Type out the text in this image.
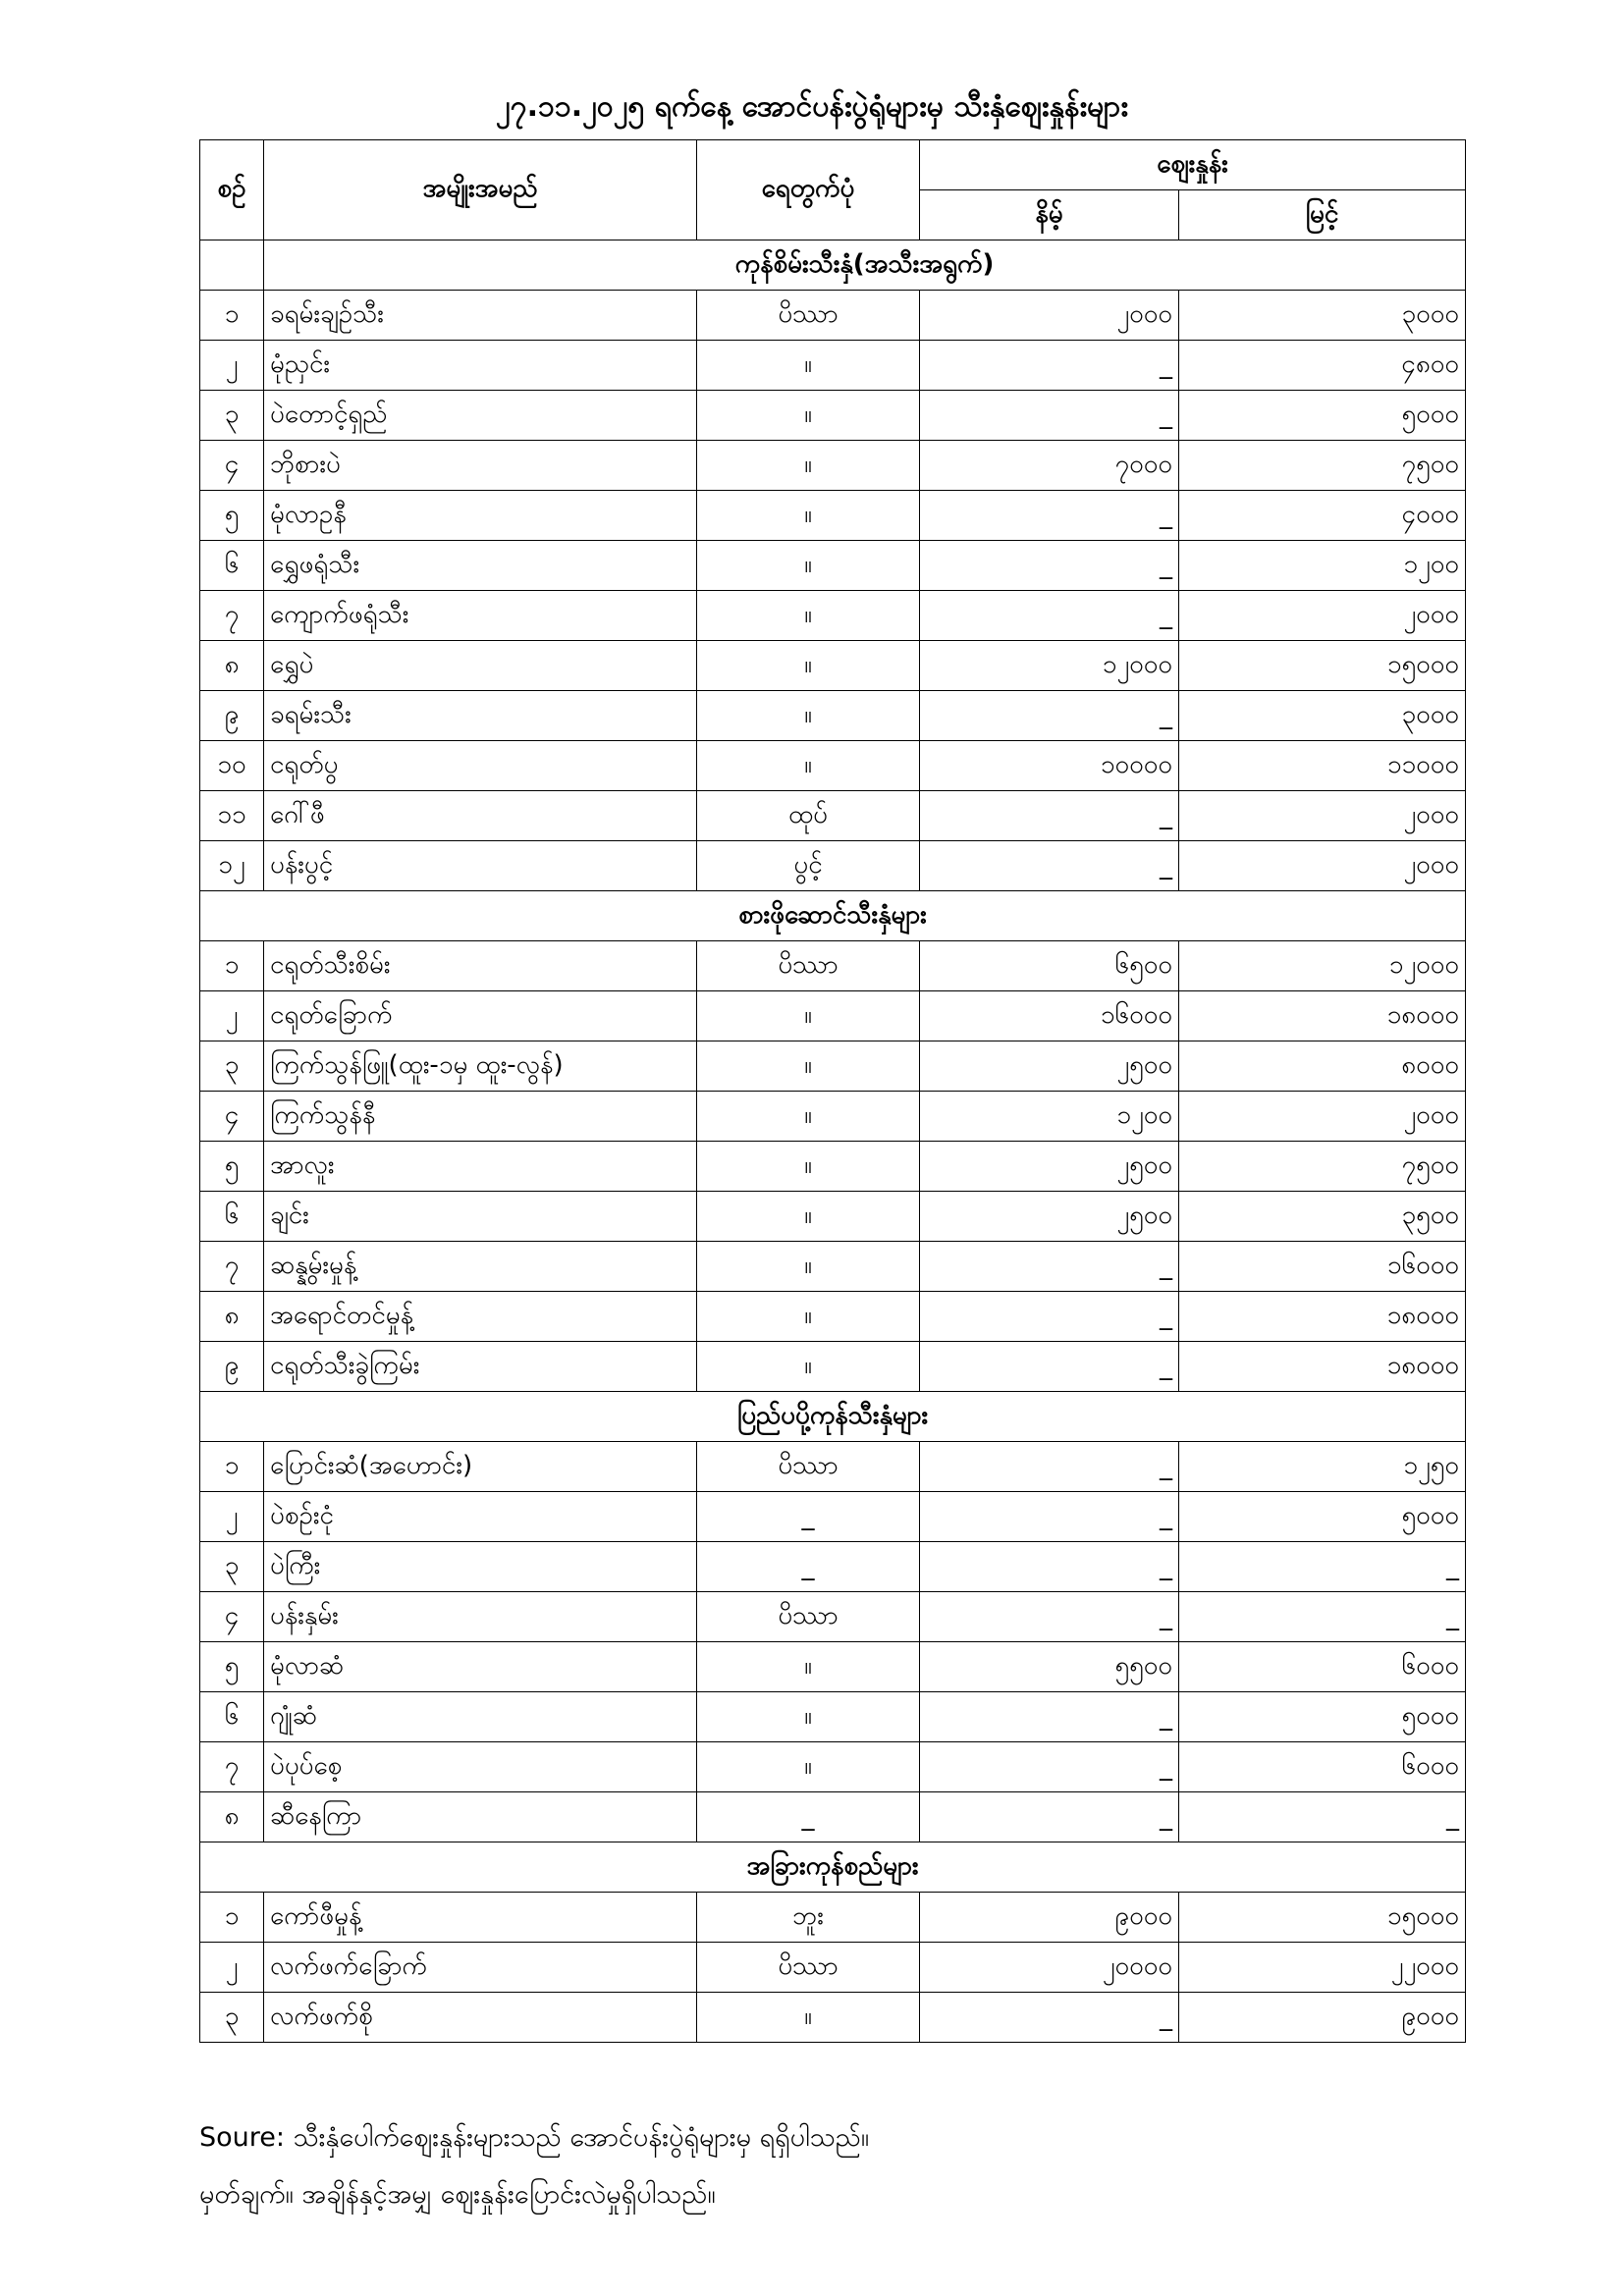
၂၇.၁၁.၂၀၂၅ ရက်နေ့ အောင်ပန်းပွဲရုံများမှ သီးနှံဈေးနှုန်းများ
စဉ်	အမျိုးအမည်	ရေတွက်ပုံ	ဈေးနှုန်း	
			နိမ့်	မြင့်
	ကုန်စိမ်းသီးနှံ(အသီးအရွက်)			
၁	ခရမ်းချဉ်သီး	ပိဿာ	၂၀၀၀	၃၀၀၀
၂	မုံညှင်း	။	_	၄၈၀၀
၃	ပဲတောင့်ရှည်	။	_	၅၀၀၀
၄	ဘိုစားပဲ	။	၇၀၀၀	၇၅၀၀
၅	မုံလာဥနီ	။	_	၄၀၀၀
၆	ရွှေဖရုံသီး	။	_	၁၂၀၀
၇	ကျောက်ဖရုံသီး	။	_	၂၀၀၀
၈	ရွှေပဲ	။	၁၂၀၀၀	၁၅၀၀၀
၉	ခရမ်းသီး	။	_	၃၀၀၀
၁၀	ငရုတ်ပွ	။	၁၀၀၀၀	၁၁၀၀၀
၁၁	ဂေါ်ဖီ	ထုပ်	_	၂၀၀၀
၁၂	ပန်းပွင့်	ပွင့်	_	၂၀၀၀
စားဖိုဆောင်သီးနှံများ				
၁	ငရုတ်သီးစိမ်း	ပိဿာ	၆၅၀၀	၁၂၀၀၀
၂	ငရုတ်ခြောက်	။	၁၆၀၀၀	၁၈၀၀၀
၃	ကြက်သွန်ဖြူ(ထူး-၁မှ ထူး-လွန်)	။	၂၅၀၀	၈၀၀၀
၄	ကြက်သွန်နီ	။	၁၂၀၀	၂၀၀၀
၅	အာလူး	။	၂၅၀၀	၇၅၀၀
၆	ချင်း	။	၂၅၀၀	၃၅၀၀
၇	ဆန္နွမ်းမှုန့်	။	_	၁၆၀၀၀
၈	အရောင်တင်မှုန့်	။	_	၁၈၀၀၀
၉	ငရုတ်သီးခွဲကြမ်း	။	_	၁၈၀၀၀
ပြည်ပပို့ကုန်သီးနှံများ				
၁	ပြောင်းဆံ(အဟောင်း)	ပိဿာ	_	၁၂၅၀
၂	ပဲစဉ်းငုံ	_	_	၅၀၀၀
၃	ပဲကြီး	_	_	_
၄	ပန်းနှမ်း	ပိဿာ	_	_
၅	မုံလာဆံ	။	၅၅၀၀	၆၀၀၀
၆	ဂျုံဆံ	။	_	၅၀၀၀
၇	ပဲပုပ်စေ့	။	_	၆၀၀၀
၈	ဆီနေကြာ	_	_	_
အခြားကုန်စည်များ				
၁	ကော်ဖီမှုန့်	ဘူး	၉၀၀၀	၁၅၀၀၀
၂	လက်ဖက်ခြောက်	ပိဿာ	၂၀၀၀၀	၂၂၀၀၀
၃	လက်ဖက်စို	။	_	၉၀၀၀
Soure: သီးနှံပေါက်ဈေးနှုန်းများသည် အောင်ပန်းပွဲရုံများမှ ရရှိပါသည်။
မှတ်ချက်။ အချိန်နှင့်အမျှ ဈေးနှုန်းပြောင်းလဲမှုရှိပါသည်။
